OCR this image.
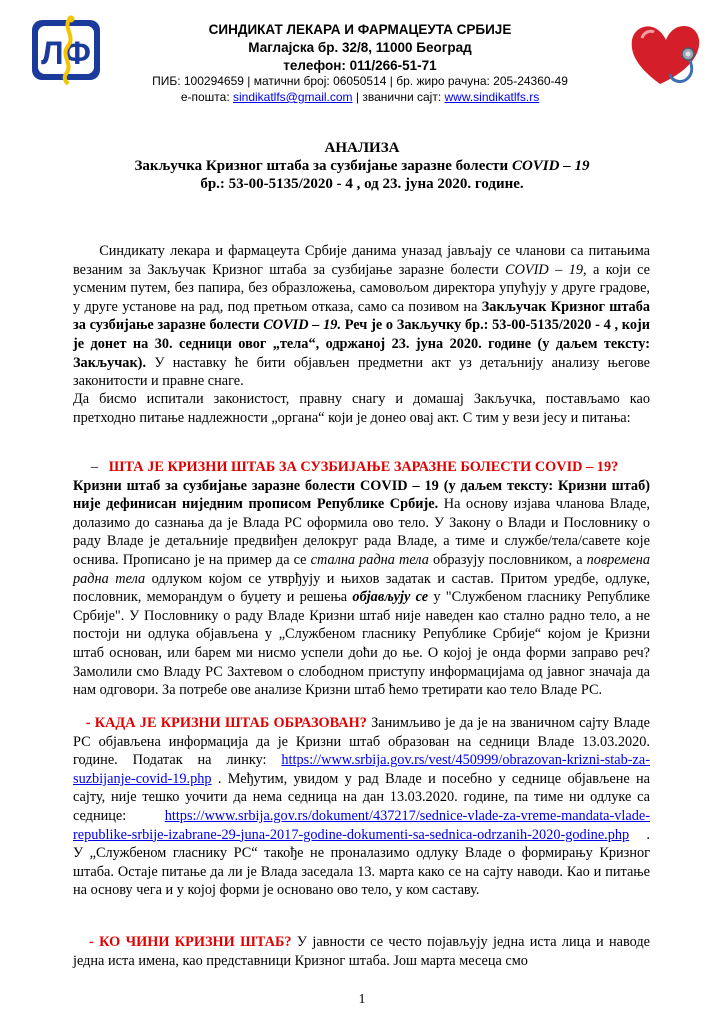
ЛФ
СИНДИКАТ ЛЕКАРА И ФАРМАЦЕУТА СРБИЈЕ
Маглајска бр. 32/8, 11000 Београд
телефон: 011/266-51-71
ПИБ: 100294659 | матични број: 06050514 | бр. жиро рачуна: 205-24360-49
е-пошта: sindikatlfs@gmail.com | званични сајт: www.sindikatlfs.rs
АНАЛИЗА
Закључка Кризног штаба за сузбијање заразне болести COVID – 19
бр.: 53-00-5135/2020 - 4 , од 23. јуна 2020. године.

Синдикату лекара и фармацеута Србије данима уназад јављају се чланови са питањима везаним за Закључак Кризног штаба за сузбијање заразне болести COVID – 19, а који се усменим путем, без папира, без образложења, самовољом директора упућују у друге градове, у друге установе на рад, под претњом отказа, само са позивом на Закључак Кризног штаба за сузбијање заразне болести COVID – 19. Реч је о Закључку бр.: 53-00-5135/2020 - 4 , који је донет на 30. седници овог „тела“, одржаној 23. јуна 2020. године (у даљем тексту: Закључак). У наставку ће бити објављен предметни акт уз детаљнију анализу његове законитости и правне снаге.

Да бисмо испитали законистост, правну снагу и домашај Закључка, постављамо као претходно питање надлежности „органа“ који је донео овај акт. С тим у вези јесу и питања:

– ШТА ЈЕ КРИЗНИ ШТАБ ЗА СУЗБИЈАЊЕ ЗАРАЗНЕ БОЛЕСТИ COVID – 19?
Кризни штаб за сузбијање заразне болести COVID – 19 (у даљем тексту: Кризни штаб) није дефинисан ниједним прописом Републике Србије. На основу изјава чланова Владе, долазимо до сазнања да је Влада РС оформила ово тело. У Закону о Влади и Пословнику о раду Владе је детаљније предвиђен делокруг рада Владе, а тиме и службе/тела/савете које оснива. Прописано је на пример да се стална радна тела образују пословником, а повремена радна тела одлуком којом се утврђују и њихов задатак и састав. Притом уредбе, одлуке, пословник, меморандум о буџету и решења објављују се у "Службеном гласнику Републике Србије". У Пословнику о раду Владе Кризни штаб није наведен као стално радно тело, а не постоји ни одлука објављена у „Службеном гласнику Републике Србије“ којом је Кризни штаб основан, или барем ми нисмо успели доћи до ње. О којој је онда форми заправо реч? Замолили смо Владу РС Захтевом о слободном приступу информацијама од јавног значаја да нам одговори. За потребе ове анализе Кризни штаб ћемо третирати као тело Владе РС.

- КАДА ЈЕ КРИЗНИ ШТАБ ОБРАЗОВАН? Занимљиво је да је на званичном сајту Владе РС објављена информација да је Кризни штаб образован на седници Владе 13.03.2020. године. Податак на линку: https://www.srbija.gov.rs/vest/450999/obrazovan-krizni-stab-za-suzbijanje-covid-19.php . Међутим, увидом у рад Владе и посебно у седнице објављене на сајту, није тешко уочити да нема седница на дан 13.03.2020. године, па тиме ни одлуке са седнице: https://www.srbija.gov.rs/dokument/437217/sednice-vlade-za-vreme-mandata-vlade-republike-srbije-izabrane-29-juna-2017-godine-dokumenti-sa-sednica-odrzanih-2020-godine.php . У „Службеном гласнику РС“ такође не проналазимо одлуку Владе о формирању Кризног штаба. Остаје питање да ли је Влада заседала 13. марта како се на сајту наводи. Као и питање на основу чега и у којој форми је основано ово тело, у ком саставу.

- КО ЧИНИ КРИЗНИ ШТАБ? У јавности се често појављују једна иста лица и наводе једна иста имена, као представници Кризног штаба. Још марта месеца смо

1
